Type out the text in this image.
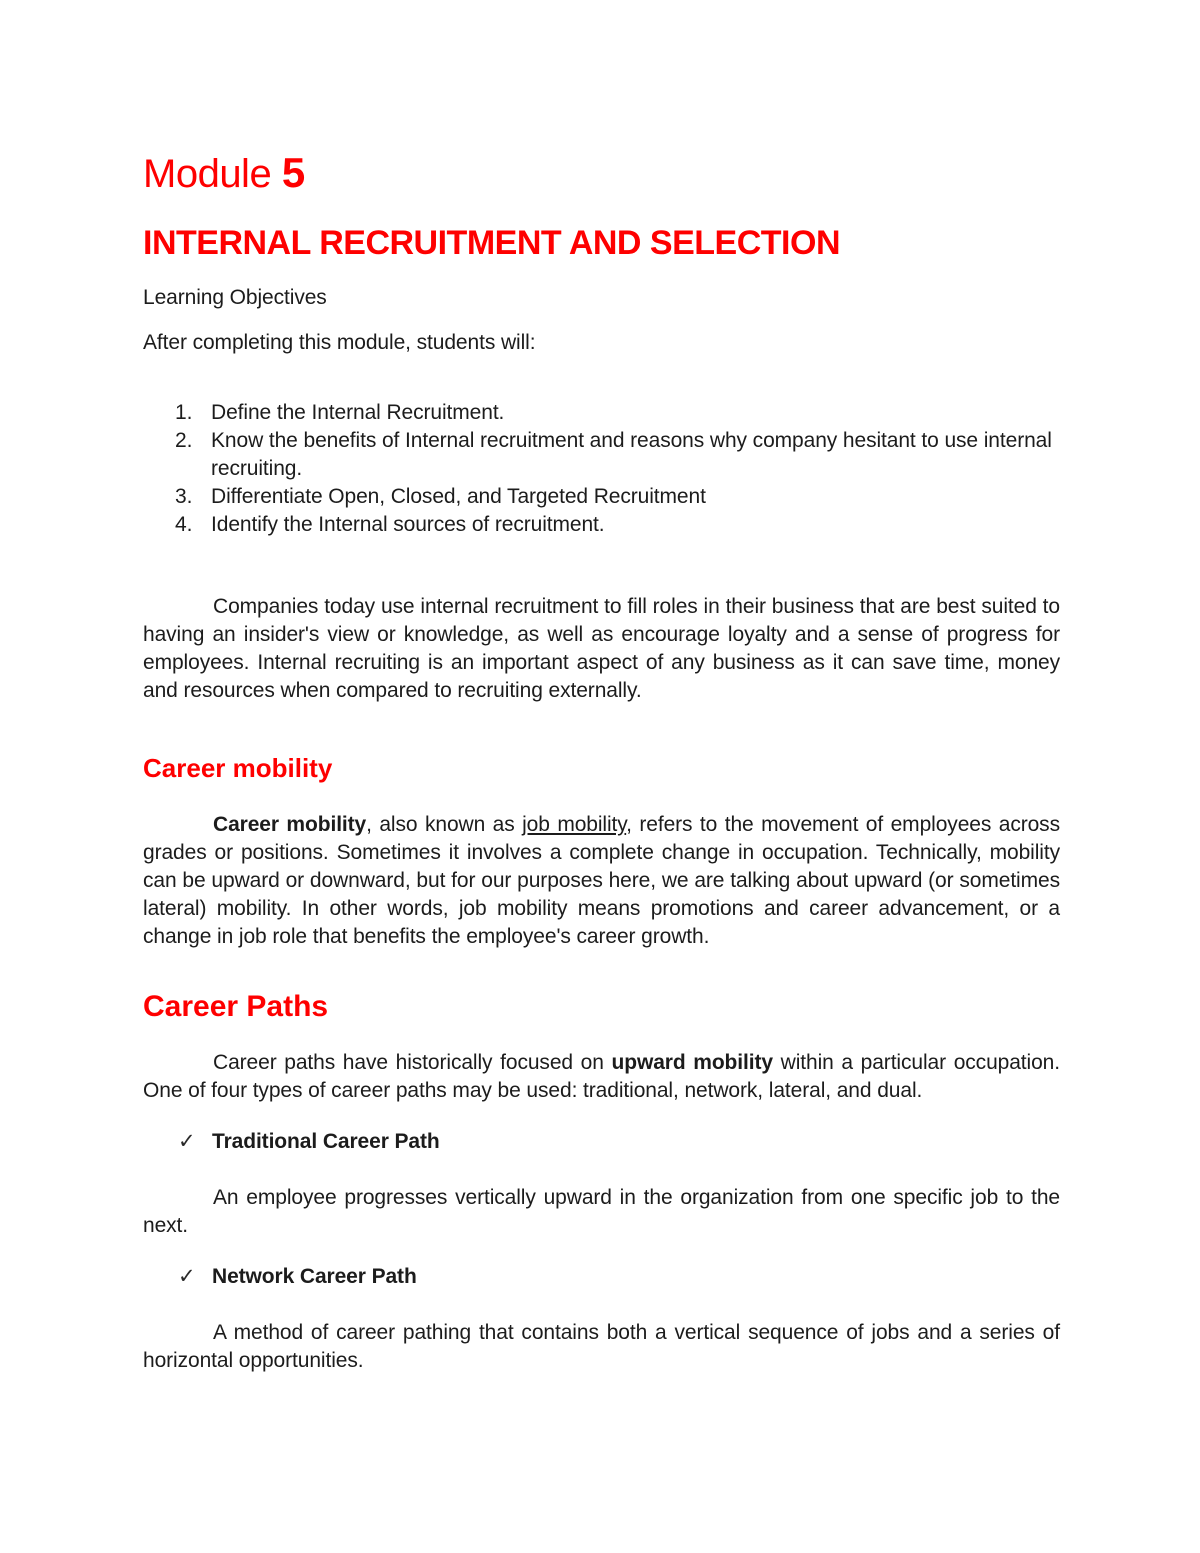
Module 5
INTERNAL RECRUITMENT AND SELECTION
Learning Objectives
After completing this module, students will:
1. Define the Internal Recruitment.
2. Know the benefits of Internal recruitment and reasons why company hesitant to use internal recruiting.
3. Differentiate Open, Closed, and Targeted Recruitment
4. Identify the Internal sources of recruitment.

Companies today use internal recruitment to fill roles in their business that are best suited to having an insider's view or knowledge, as well as encourage loyalty and a sense of progress for employees. Internal recruiting is an important aspect of any business as it can save time, money and resources when compared to recruiting externally.

Career mobility

Career mobility, also known as job mobility, refers to the movement of employees across grades or positions. Sometimes it involves a complete change in occupation. Technically, mobility can be upward or downward, but for our purposes here, we are talking about upward (or sometimes lateral) mobility. In other words, job mobility means promotions and career advancement, or a change in job role that benefits the employee's career growth.

Career Paths

Career paths have historically focused on upward mobility within a particular occupation. One of four types of career paths may be used: traditional, network, lateral, and dual.

✓ Traditional Career Path

An employee progresses vertically upward in the organization from one specific job to the next.

✓ Network Career Path

A method of career pathing that contains both a vertical sequence of jobs and a series of horizontal opportunities.
